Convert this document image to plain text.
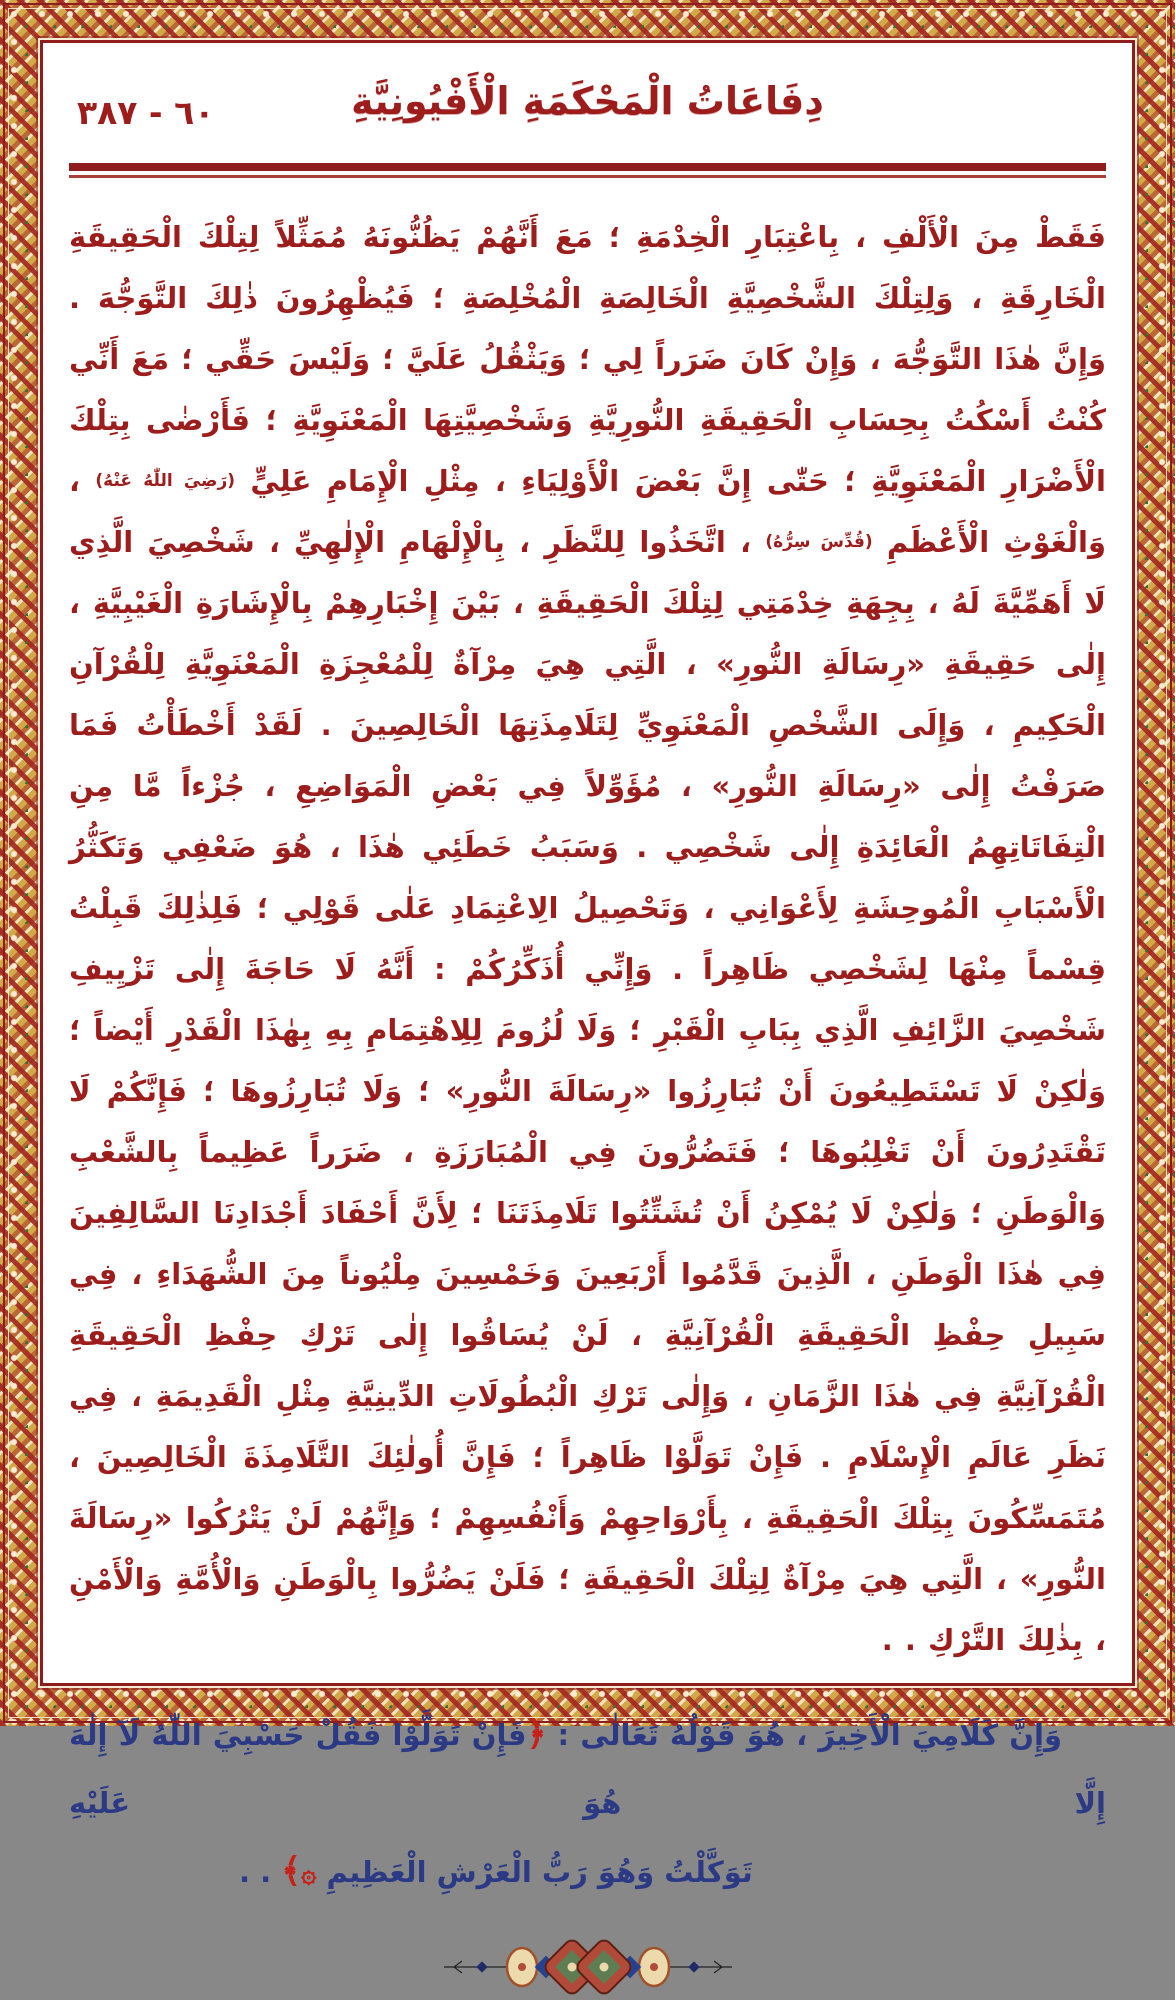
٦٠ - ٣٨٧	دِفَاعَاتُ الْمَحْكَمَةِ الْأَفْيُونِيَّةِ

فَقَطْ مِنَ الْأَلْفِ ، بِاعْتِبَارِ الْخِدْمَةِ ؛ مَعَ أَنَّهُمْ يَظُنُّونَهُ مُمَثِّلاً لِتِلْكَ الْحَقِيقَةِ الْخَارِقَةِ ، وَلِتِلْكَ الشَّخْصِيَّةِ الْخَالِصَةِ الْمُخْلِصَةِ ؛ فَيُظْهِرُونَ ذٰلِكَ التَّوَجُّهَ . وَإِنَّ هٰذَا التَّوَجُّهَ ، وَإِنْ كَانَ ضَرَراً لِي ؛ وَيَثْقُلُ عَلَيَّ ؛ وَلَيْسَ حَقِّي ؛ مَعَ أَنِّي كُنْتُ أَسْكُتُ بِحِسَابِ الْحَقِيقَةِ النُّورِيَّةِ وَشَخْصِيَّتِهَا الْمَعْنَوِيَّةِ ؛ فَأَرْضٰى بِتِلْكَ الْأَضْرَارِ الْمَعْنَوِيَّةِ ؛ حَتّٰى إِنَّ بَعْضَ الْأَوْلِيَاءِ ، مِثْلِ الْإِمَامِ عَلِيٍّ (رَضِيَ اللّٰهُ عَنْهُ) ، وَالْغَوْثِ الْأَعْظَمِ (قُدِّسَ سِرُّهُ) ، اتَّخَذُوا لِلنَّظَرِ ، بِالْإِلْهَامِ الْإِلٰهِيِّ ، شَخْصِيَ الَّذِي لَا أَهَمِّيَّةَ لَهُ ، بِجِهَةِ خِدْمَتِي لِتِلْكَ الْحَقِيقَةِ ، بَيْنَ إِخْبَارِهِمْ بِالْإِشَارَةِ الْغَيْبِيَّةِ ، إِلٰى حَقِيقَةِ «رِسَالَةِ النُّورِ» ، الَّتِي هِيَ مِرْآةٌ لِلْمُعْجِزَةِ الْمَعْنَوِيَّةِ لِلْقُرْآنِ الْحَكِيمِ ، وَإِلَى الشَّخْصِ الْمَعْنَوِيِّ لِتَلَامِذَتِهَا الْخَالِصِينَ . لَقَدْ أَخْطَأْتُ فَمَا صَرَفْتُ إِلٰى «رِسَالَةِ النُّورِ» ، مُؤَوِّلاً فِي بَعْضِ الْمَوَاضِعِ ، جُزْءاً مَّا مِنِ الْتِفَاتَاتِهِمُ الْعَائِدَةِ إِلٰى شَخْصِي . وَسَبَبُ خَطَئِي هٰذَا ، هُوَ ضَعْفِي وَتَكَثُّرُ الْأَسْبَابِ الْمُوحِشَةِ لِأَعْوَانِي ، وَتَحْصِيلُ الِاعْتِمَادِ عَلٰى قَوْلِي ؛ فَلِذٰلِكَ قَبِلْتُ قِسْماً مِنْهَا لِشَخْصِي ظَاهِراً . وَإِنِّي أُذَكِّرُكُمْ : أَنَّهُ لَا حَاجَةَ إِلٰى تَزْيِيفِ شَخْصِيَ الزَّائِفِ الَّذِي بِبَابِ الْقَبْرِ ؛ وَلَا لُزُومَ لِلِاهْتِمَامِ بِهِ بِهٰذَا الْقَدْرِ أَيْضاً ؛ وَلٰكِنْ لَا تَسْتَطِيعُونَ أَنْ تُبَارِزُوا «رِسَالَةَ النُّورِ» ؛ وَلَا تُبَارِزُوهَا ؛ فَإِنَّكُمْ لَا تَقْتَدِرُونَ أَنْ تَغْلِبُوهَا ؛ فَتَضُرُّونَ فِي الْمُبَارَزَةِ ، ضَرَراً عَظِيماً بِالشَّعْبِ وَالْوَطَنِ ؛ وَلٰكِنْ لَا يُمْكِنُ أَنْ تُشَتِّتُوا تَلَامِذَتَنَا ؛ لِأَنَّ أَحْفَادَ أَجْدَادِنَا السَّالِفِينَ فِي هٰذَا الْوَطَنِ ، الَّذِينَ قَدَّمُوا أَرْبَعِينَ وَخَمْسِينَ مِلْيُوناً مِنَ الشُّهَدَاءِ ، فِي سَبِيلِ حِفْظِ الْحَقِيقَةِ الْقُرْآنِيَّةِ ، لَنْ يُسَاقُوا إِلٰى تَرْكِ حِفْظِ الْحَقِيقَةِ الْقُرْآنِيَّةِ فِي هٰذَا الزَّمَانِ ، وَإِلٰى تَرْكِ الْبُطُولَاتِ الدِّينِيَّةِ مِثْلِ الْقَدِيمَةِ ، فِي نَظَرِ عَالَمِ الْإِسْلَامِ . فَإِنْ تَوَلَّوْا ظَاهِراً ؛ فَإِنَّ أُولٰئِكَ التَّلَامِذَةَ الْخَالِصِينَ ، مُتَمَسِّكُونَ بِتِلْكَ الْحَقِيقَةِ ، بِأَرْوَاحِهِمْ وَأَنْفُسِهِمْ ؛ وَإِنَّهُمْ لَنْ يَتْرُكُوا «رِسَالَةَ النُّورِ» ، الَّتِي هِيَ مِرْآةٌ لِتِلْكَ الْحَقِيقَةِ ؛ فَلَنْ يَضُرُّوا بِالْوَطَنِ وَالْأُمَّةِ وَالْأَمْنِ ، بِذٰلِكَ التَّرْكِ . .

وَإِنَّ كَلَامِيَ الْأَخِيرَ ، هُوَ قَوْلُهُ تَعَالٰى : ﴿فَإِنْ تَوَلَّوْا فَقُلْ حَسْبِيَ اللّٰهُ لَآ إِلٰهَ إِلَّا هُوَ عَلَيْهِ
تَوَكَّلْتُ وَهُوَ رَبُّ الْعَرْشِ الْعَظِيمِ ۞﴾ . .
